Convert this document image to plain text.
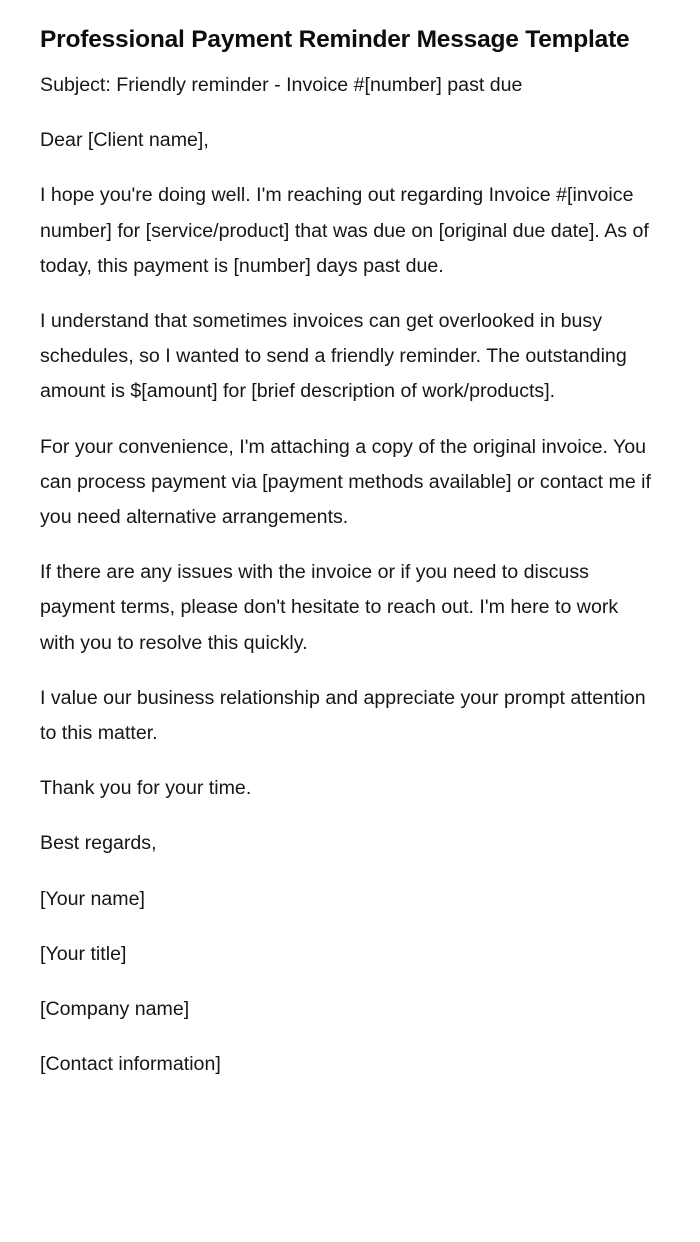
Professional Payment Reminder Message Template

Subject: Friendly reminder - Invoice #[number] past due

Dear [Client name],

I hope you're doing well. I'm reaching out regarding Invoice #[invoice number] for [service/product] that was due on [original due date]. As of today, this payment is [number] days past due.

I understand that sometimes invoices can get overlooked in busy schedules, so I wanted to send a friendly reminder. The outstanding amount is $[amount] for [brief description of work/products].

For your convenience, I'm attaching a copy of the original invoice. You can process payment via [payment methods available] or contact me if you need alternative arrangements.

If there are any issues with the invoice or if you need to discuss payment terms, please don't hesitate to reach out. I'm here to work with you to resolve this quickly.

I value our business relationship and appreciate your prompt attention to this matter.

Thank you for your time.

Best regards,

[Your name]

[Your title]

[Company name]

[Contact information]
